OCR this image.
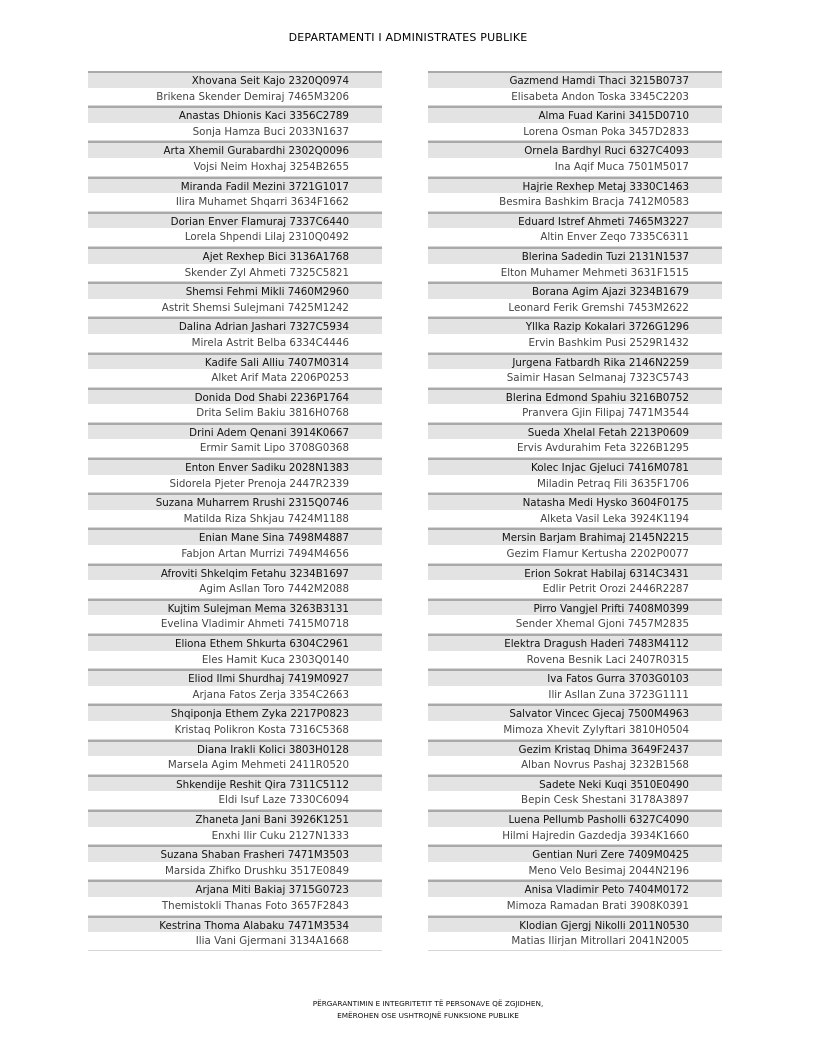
DEPARTAMENTI I ADMINISTRATES PUBLIKE
Xhovana Seit Kajo 2320Q0974
Brikena Skender Demiraj 7465M3206
Anastas Dhionis Kaci 3356C2789
Sonja Hamza Buci 2033N1637
Arta Xhemil Gurabardhi 2302Q0096
Vojsi Neim Hoxhaj 3254B2655
Miranda Fadil Mezini 3721G1017
Ilira Muhamet Shqarri 3634F1662
Dorian Enver Flamuraj 7337C6440
Lorela Shpendi Lilaj 2310Q0492
Ajet Rexhep Bici 3136A1768
Skender Zyl Ahmeti 7325C5821
Shemsi Fehmi Mikli 7460M2960
Astrit Shemsi Sulejmani 7425M1242
Dalina Adrian Jashari 7327C5934
Mirela Astrit Belba 6334C4446
Kadife Sali Alliu 7407M0314
Alket Arif Mata 2206P0253
Donida Dod Shabi 2236P1764
Drita Selim Bakiu 3816H0768
Drini Adem Qenani 3914K0667
Ermir Samit Lipo 3708G0368
Enton Enver Sadiku 2028N1383
Sidorela Pjeter Prenoja 2447R2339
Suzana Muharrem Rrushi 2315Q0746
Matilda Riza Shkjau 7424M1188
Enian Mane Sina 7498M4887
Fabjon Artan Murrizi 7494M4656
Afroviti Shkelqim Fetahu 3234B1697
Agim Asllan Toro 7442M2088
Kujtim Sulejman Mema 3263B3131
Evelina Vladimir Ahmeti 7415M0718
Eliona Ethem Shkurta 6304C2961
Eles Hamit Kuca 2303Q0140
Eliod Ilmi Shurdhaj 7419M0927
Arjana Fatos Zerja 3354C2663
Shqiponja Ethem Zyka 2217P0823
Kristaq Polikron Kosta 7316C5368
Diana Irakli Kolici 3803H0128
Marsela Agim Mehmeti 2411R0520
Shkendije Reshit Qira 7311C5112
Eldi Isuf Laze 7330C6094
Zhaneta Jani Bani 3926K1251
Enxhi Ilir Cuku 2127N1333
Suzana Shaban Frasheri 7471M3503
Marsida Zhifko Drushku 3517E0849
Arjana Miti Bakiaj 3715G0723
Themistokli Thanas Foto 3657F2843
Kestrina Thoma Alabaku 7471M3534
Ilia Vani Gjermani 3134A1668
Gazmend Hamdi Thaci 3215B0737
Elisabeta Andon Toska 3345C2203
Alma Fuad Karini 3415D0710
Lorena Osman Poka 3457D2833
Ornela Bardhyl Ruci 6327C4093
Ina Aqif Muca 7501M5017
Hajrie Rexhep Metaj 3330C1463
Besmira Bashkim Bracja 7412M0583
Eduard Istref Ahmeti 7465M3227
Altin Enver Zeqo 7335C6311
Blerina Sadedin Tuzi 2131N1537
Elton Muhamer Mehmeti 3631F1515
Borana Agim Ajazi 3234B1679
Leonard Ferik Gremshi 7453M2622
Yllka Razip Kokalari 3726G1296
Ervin Bashkim Pusi 2529R1432
Jurgena Fatbardh Rika 2146N2259
Saimir Hasan Selmanaj 7323C5743
Blerina Edmond Spahiu 3216B0752
Pranvera Gjin Filipaj 7471M3544
Sueda Xhelal Fetah 2213P0609
Ervis Avdurahim Feta 3226B1295
Kolec Injac Gjeluci 7416M0781
Miladin Petraq Fili 3635F1706
Natasha Medi Hysko 3604F0175
Alketa Vasil Leka 3924K1194
Mersin Barjam Brahimaj 2145N2215
Gezim Flamur Kertusha 2202P0077
Erion Sokrat Habilaj 6314C3431
Edlir Petrit Orozi 2446R2287
Pirro Vangjel Prifti 7408M0399
Sender Xhemal Gjoni 7457M2835
Elektra Dragush Haderi 7483M4112
Rovena Besnik Laci 2407R0315
Iva Fatos Gurra 3703G0103
Ilir Asllan Zuna 3723G1111
Salvator Vincec Gjecaj 7500M4963
Mimoza Xhevit Zylyftari 3810H0504
Gezim Kristaq Dhima 3649F2437
Alban Novrus Pashaj 3232B1568
Sadete Neki Kuqi 3510E0490
Bepin Cesk Shestani 3178A3897
Luena Pellumb Pasholli 6327C4090
Hilmi Hajredin Gazdedja 3934K1660
Gentian Nuri Zere 7409M0425
Meno Velo Besimaj 2044N2196
Anisa Vladimir Peto 7404M0172
Mimoza Ramadan Brati 3908K0391
Klodian Gjergj Nikolli 2011N0530
Matias Ilirjan Mitrollari 2041N2005
PËRGARANTIMIN E INTEGRITETIT TË PERSONAVE QË ZGJIDHEN,
EMËROHEN OSE USHTROJNË FUNKSIONE PUBLIKE
